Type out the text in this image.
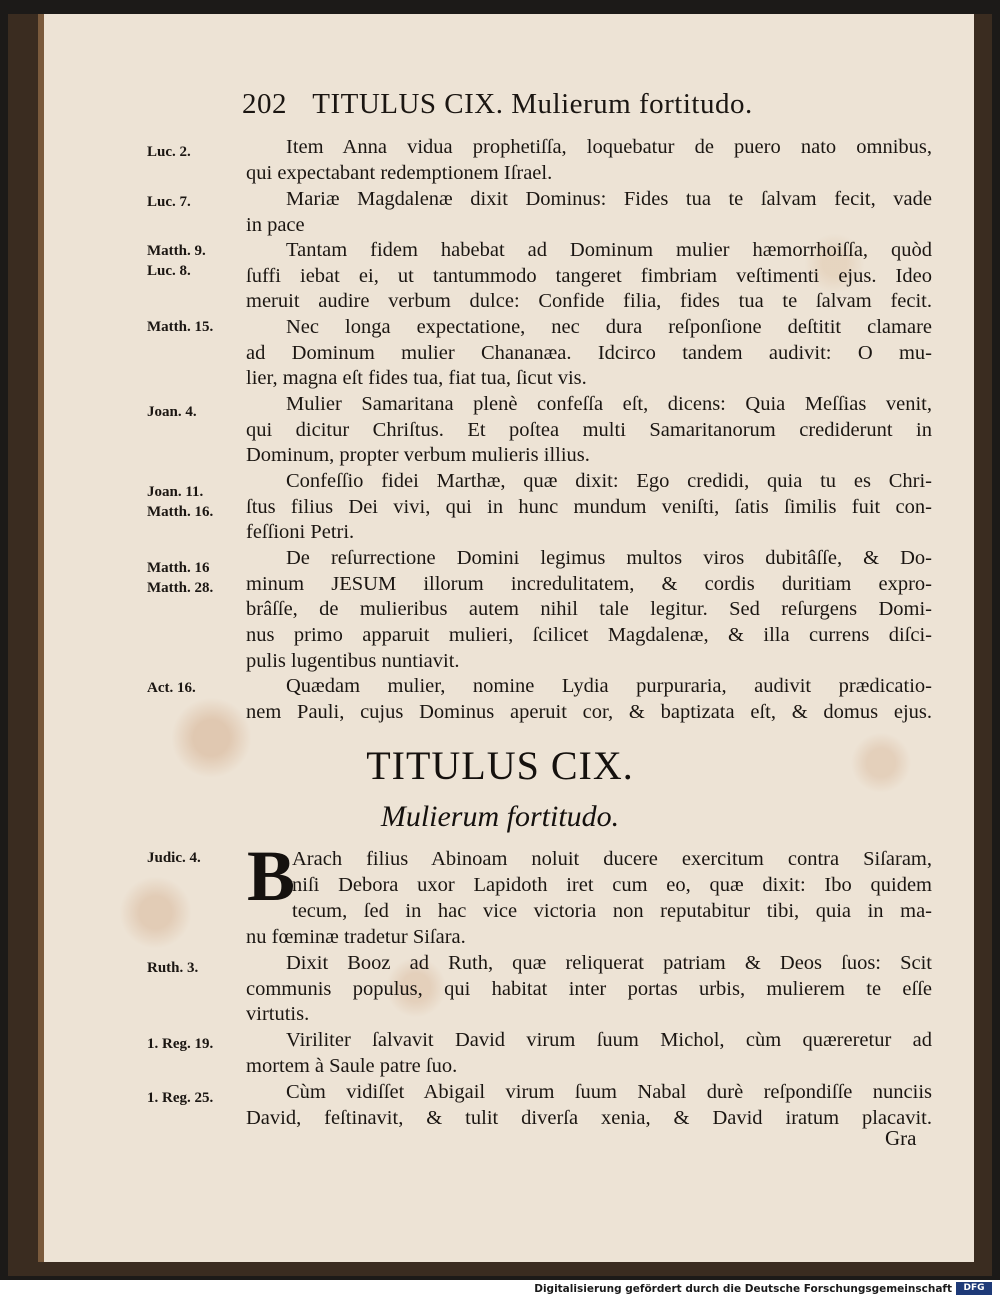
202 TITULUS CIX. Mulierum fortitudo.
Luc. 2.
Luc. 7.
Matth. 9.
Luc. 8.
Matth. 15.
Joan. 4.
Joan. 11.
Matth. 16.
Matth. 16
Matth. 28.
Act. 16.
Judic. 4.
Ruth. 3.
1. Reg. 19.
1. Reg. 25.
Item Anna vidua prophetiſſa, loquebatur de puero nato omnibus,
qui expectabant redemptionem Iſrael.
Mariæ Magdalenæ dixit Dominus: Fides tua te ſalvam fecit, vade
in pace
Tantam fidem habebat ad Dominum mulier hæmorrhoiſſa, quòd
ſuffi iebat ei, ut tantummodo tangeret fimbriam veſtimenti ejus. Ideo
meruit audire verbum dulce: Confide filia, fides tua te ſalvam fecit.
Nec longa expectatione, nec dura reſponſione deſtitit clamare
ad Dominum mulier Chananæa. Idcirco tandem audivit: O mu-
lier, magna eſt fides tua, fiat tua, ſicut vis.
Mulier Samaritana plenè confeſſa eſt, dicens: Quia Meſſias venit,
qui dicitur Chriſtus. Et poſtea multi Samaritanorum crediderunt in
Dominum, propter verbum mulieris illius.
Confeſſio fidei Marthæ, quæ dixit: Ego credidi, quia tu es Chri-
ſtus filius Dei vivi, qui in hunc mundum veniſti, ſatis ſimilis fuit con-
feſſioni Petri.
De reſurrectione Domini legimus multos viros dubitâſſe, & Do-
minum JESUM illorum incredulitatem, & cordis duritiam expro-
brâſſe, de mulieribus autem nihil tale legitur. Sed reſurgens Domi-
nus primo apparuit mulieri, ſcilicet Magdalenæ, & illa currens diſci-
pulis lugentibus nuntiavit.
Quædam mulier, nomine Lydia purpuraria, audivit prædicatio-
nem Pauli, cujus Dominus aperuit cor, & baptizata eſt, & domus ejus.
TITULUS CIX.
Mulierum fortitudo.
B
Arach filius Abinoam noluit ducere exercitum contra Siſaram,
niſi Debora uxor Lapidoth iret cum eo, quæ dixit: Ibo quidem
tecum, ſed in hac vice victoria non reputabitur tibi, quia in ma-
nu fœminæ tradetur Siſara.
Dixit Booz ad Ruth, quæ reliquerat patriam & Deos ſuos: Scit
communis populus, qui habitat inter portas urbis, mulierem te eſſe
virtutis.
Viriliter ſalvavit David virum ſuum Michol, cùm quæreretur ad
mortem à Saule patre ſuo.
Cùm vidiſſet Abigail virum ſuum Nabal durè reſpondiſſe nunciis
David, feſtinavit, & tulit diverſa xenia, & David iratum placavit.
Gra
Digitalisierung gefördert durch die Deutsche Forschungsgemeinschaft	DFG
